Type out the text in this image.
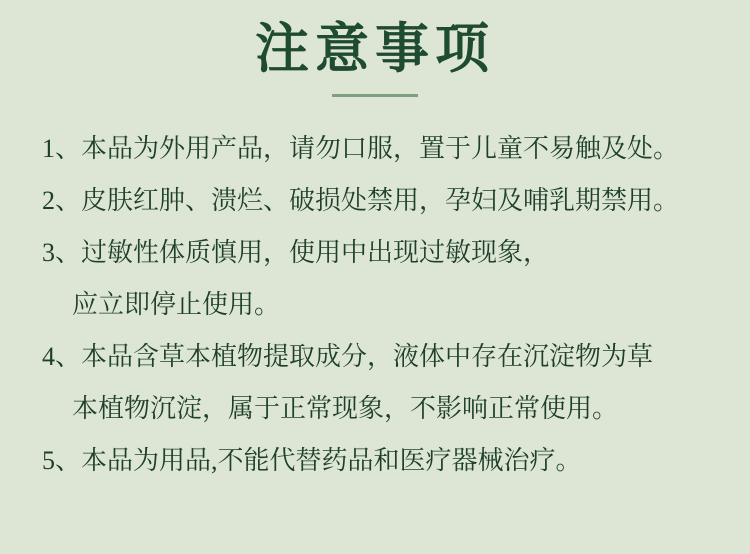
注意事项
1、本品为外用产品，请勿口服，置于儿童不易触及处。
2、皮肤红肿、溃烂、破损处禁用，孕妇及哺乳期禁用。
3、过敏性体质慎用，使用中出现过敏现象，
应立即停止使用。
4、本品含草本植物提取成分，液体中存在沉淀物为草
本植物沉淀，属于正常现象，不影响正常使用。
5、本品为用品,不能代替药品和医疗器械治疗。
